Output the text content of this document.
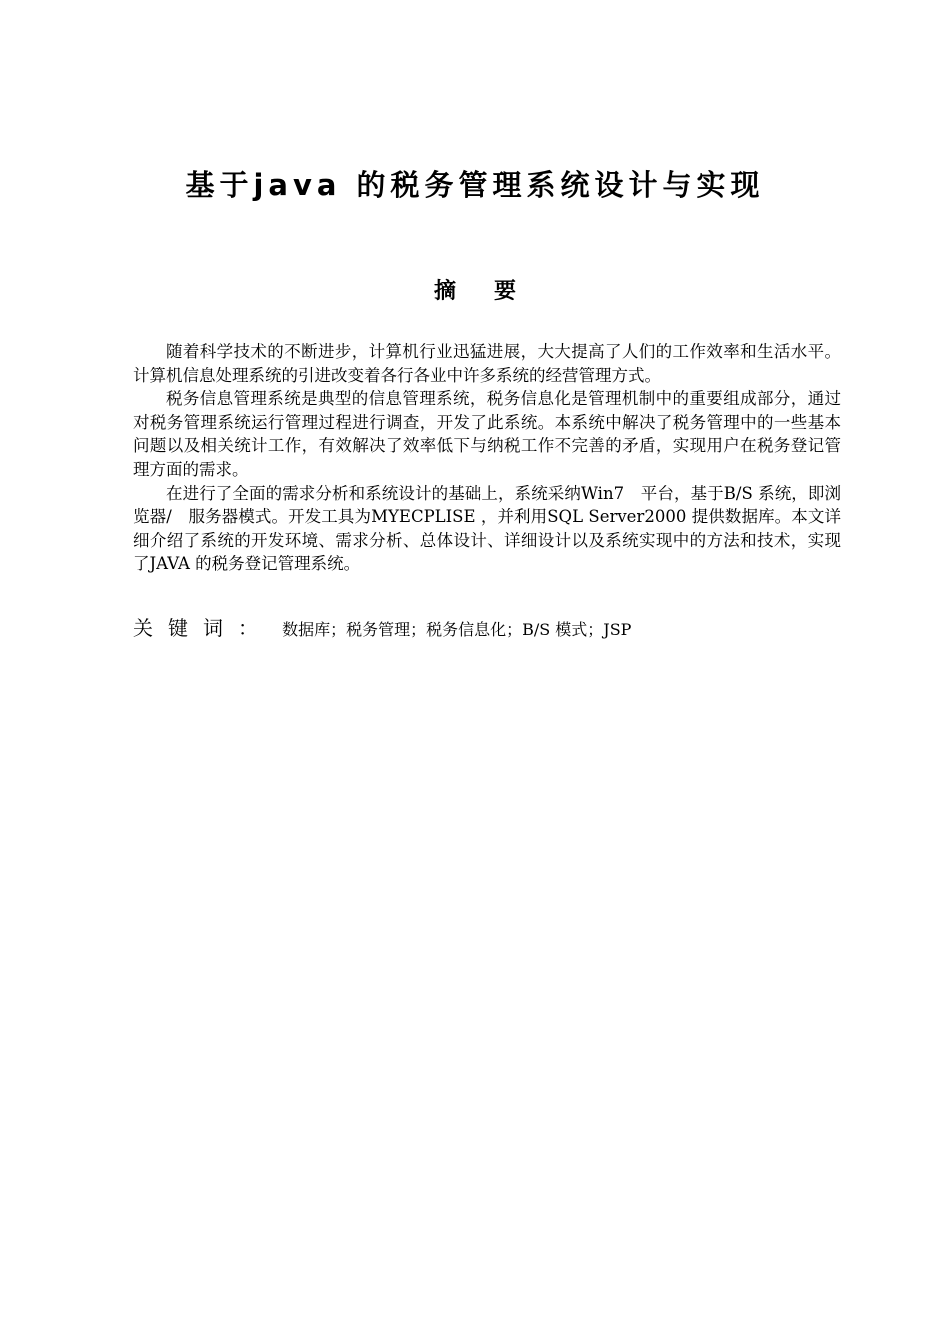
基于java 的税务管理系统设计与实现
摘要

随着科学技术的不断进步，计算机行业迅猛进展，大大提高了人们的工作效率和生活水平。计算机信息处理系统的引进改变着各行各业中许多系统的经营管理方式。

税务信息管理系统是典型的信息管理系统，税务信息化是管理机制中的重要组成部分，通过对税务管理系统运行管理过程进行调查，开发了此系统。本系统中解决了税务管理中的一些基本问题以及相关统计工作，有效解决了效率低下与纳税工作不完善的矛盾，实现用户在税务登记管理方面的需求。

在进行了全面的需求分析和系统设计的基础上，系统采纳Win7　平台，基于B/S 系统，即浏览器/　服务器模式。开发工具为MYECPLISE ，并利用SQL Server2000 提供数据库。本文详细介绍了系统的开发环境、需求分析、总体设计、详细设计以及系统实现中的方法和技术，实现了JAVA 的税务登记管理系统。

关键词： 数据库；税务管理；税务信息化；B/S 模式；JSP
